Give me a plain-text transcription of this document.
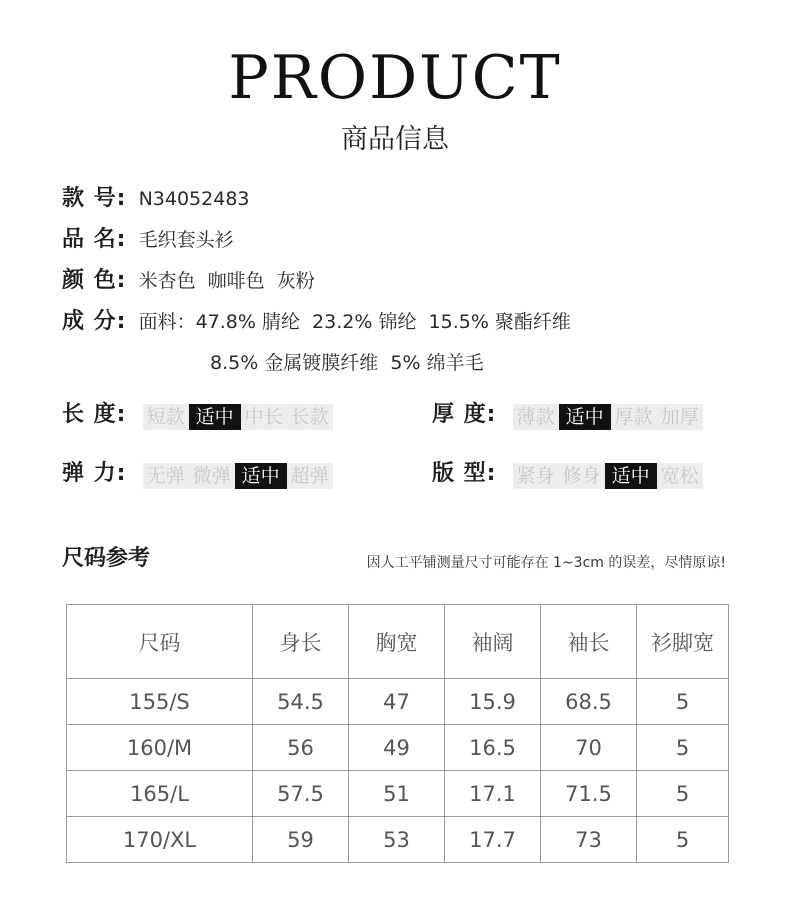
PRODUCT
商品信息
款 号: N34052483
品 名: 毛织套头衫
颜 色: 米杏色  咖啡色  灰粉
成 分: 面料：47.8% 腈纶  23.2% 锦纶  15.5% 聚酯纤维
8.5% 金属镀膜纤维  5% 绵羊毛
长 度: 短款 适中 中长 长款	厚 度: 薄款 适中 厚款 加厚
弹 力: 无弹 微弹 适中 超弹	版 型: 紧身 修身 适中 宽松
尺码参考	因人工平铺测量尺寸可能存在 1~3cm 的误差，尽情原谅!
尺码	身长	胸宽	袖阔	袖长	衫脚宽
155/S	54.5	47	15.9	68.5	5
160/M	56	49	16.5	70	5
165/L	57.5	51	17.1	71.5	5
170/XL	59	53	17.7	73	5
